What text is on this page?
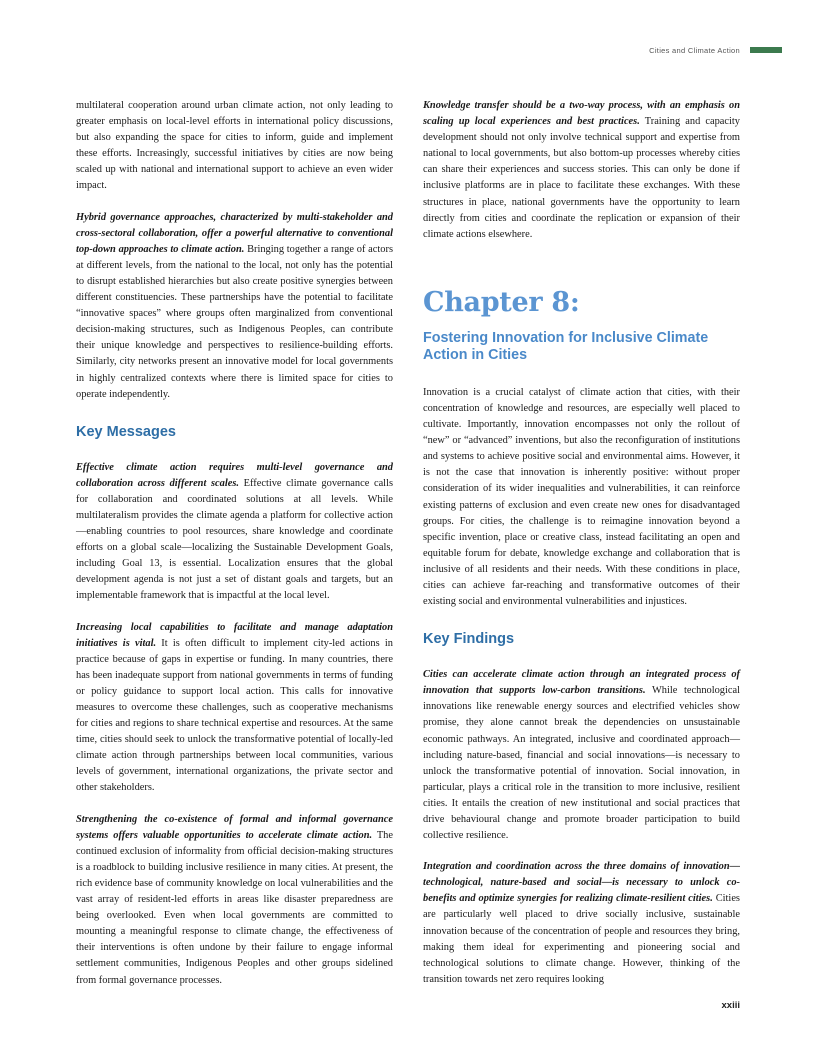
Cities and Climate Action

multilateral cooperation around urban climate action, not only leading to greater emphasis on local-level efforts in international policy discussions, but also expanding the space for cities to inform, guide and implement these efforts. Increasingly, successful initiatives by cities are now being scaled up with national and international support to achieve an even wider impact.

Hybrid governance approaches, characterized by multi-stakeholder and cross-sectoral collaboration, offer a powerful alternative to conventional top-down approaches to climate action. Bringing together a range of actors at different levels, from the national to the local, not only has the potential to disrupt established hierarchies but also create positive synergies between different constituencies. These partnerships have the potential to facilitate “innovative spaces” where groups often marginalized from conventional decision-making structures, such as Indigenous Peoples, can contribute their unique knowledge and perspectives to resilience-building efforts. Similarly, city networks present an innovative model for local governments in highly centralized contexts where there is limited space for cities to operate independently.

Key Messages

Effective climate action requires multi-level governance and collaboration across different scales. Effective climate governance calls for collaboration and coordinated solutions at all levels. While multilateralism provides the climate agenda a platform for collective action—enabling countries to pool resources, share knowledge and coordinate efforts on a global scale—localizing the Sustainable Development Goals, including Goal 13, is essential. Localization ensures that the global development agenda is not just a set of distant goals and targets, but an implementable framework that is impactful at the local level.

Increasing local capabilities to facilitate and manage adaptation initiatives is vital. It is often difficult to implement city-led actions in practice because of gaps in expertise or funding. In many countries, there has been inadequate support from national governments in terms of funding or policy guidance to support local action. This calls for innovative measures to overcome these challenges, such as cooperative mechanisms for cities and regions to share technical expertise and resources. At the same time, cities should seek to unlock the transformative potential of locally-led climate action through partnerships between local communities, various levels of government, international organizations, the private sector and other stakeholders.

Strengthening the co-existence of formal and informal governance systems offers valuable opportunities to accelerate climate action. The continued exclusion of informality from official decision-making structures is a roadblock to building inclusive resilience in many cities. At present, the rich evidence base of community knowledge on local vulnerabilities and the vast array of resident-led efforts in areas like disaster preparedness are being overlooked. Even when local governments are committed to mounting a meaningful response to climate change, the effectiveness of their interventions is often undone by their failure to engage informal settlement communities, Indigenous Peoples and other groups sidelined from formal governance processes.

Knowledge transfer should be a two-way process, with an emphasis on scaling up local experiences and best practices. Training and capacity development should not only involve technical support and expertise from national to local governments, but also bottom-up processes whereby cities can share their experiences and success stories. This can only be done if inclusive platforms are in place to facilitate these exchanges. With these structures in place, national governments have the opportunity to learn directly from cities and coordinate the replication or expansion of their climate actions elsewhere.

Chapter 8:
Fostering Innovation for Inclusive Climate Action in Cities

Innovation is a crucial catalyst of climate action that cities, with their concentration of knowledge and resources, are especially well placed to cultivate. Importantly, innovation encompasses not only the rollout of “new” or “advanced” inventions, but also the reconfiguration of institutions and systems to achieve positive social and environmental aims. However, it is not the case that innovation is inherently positive: without proper consideration of its wider inequalities and vulnerabilities, it can reinforce existing patterns of exclusion and even create new ones for disadvantaged groups. For cities, the challenge is to reimagine innovation beyond a specific invention, place or creative class, instead facilitating an open and equitable forum for debate, knowledge exchange and collaboration that is inclusive of all residents and their needs. With these conditions in place, cities can achieve far-reaching and transformative outcomes of their existing social and environmental vulnerabilities and injustices.

Key Findings

Cities can accelerate climate action through an integrated process of innovation that supports low-carbon transitions. While technological innovations like renewable energy sources and electrified vehicles show promise, they alone cannot break the dependencies on unsustainable economic pathways. An integrated, inclusive and coordinated approach—including nature-based, financial and social innovations—is necessary to unlock the transformative potential of innovation. Social innovation, in particular, plays a critical role in the transition to more inclusive, resilient cities. It entails the creation of new institutional and social practices that drive behavioural change and promote broader participation to build collective resilience.

Integration and coordination across the three domains of innovation—technological, nature-based and social—is necessary to unlock co-benefits and optimize synergies for realizing climate-resilient cities. Cities are particularly well placed to drive socially inclusive, sustainable innovation because of the concentration of people and resources they bring, making them ideal for experimenting and pioneering social and technological solutions to climate change. However, thinking of the transition towards net zero requires looking

xxiii
